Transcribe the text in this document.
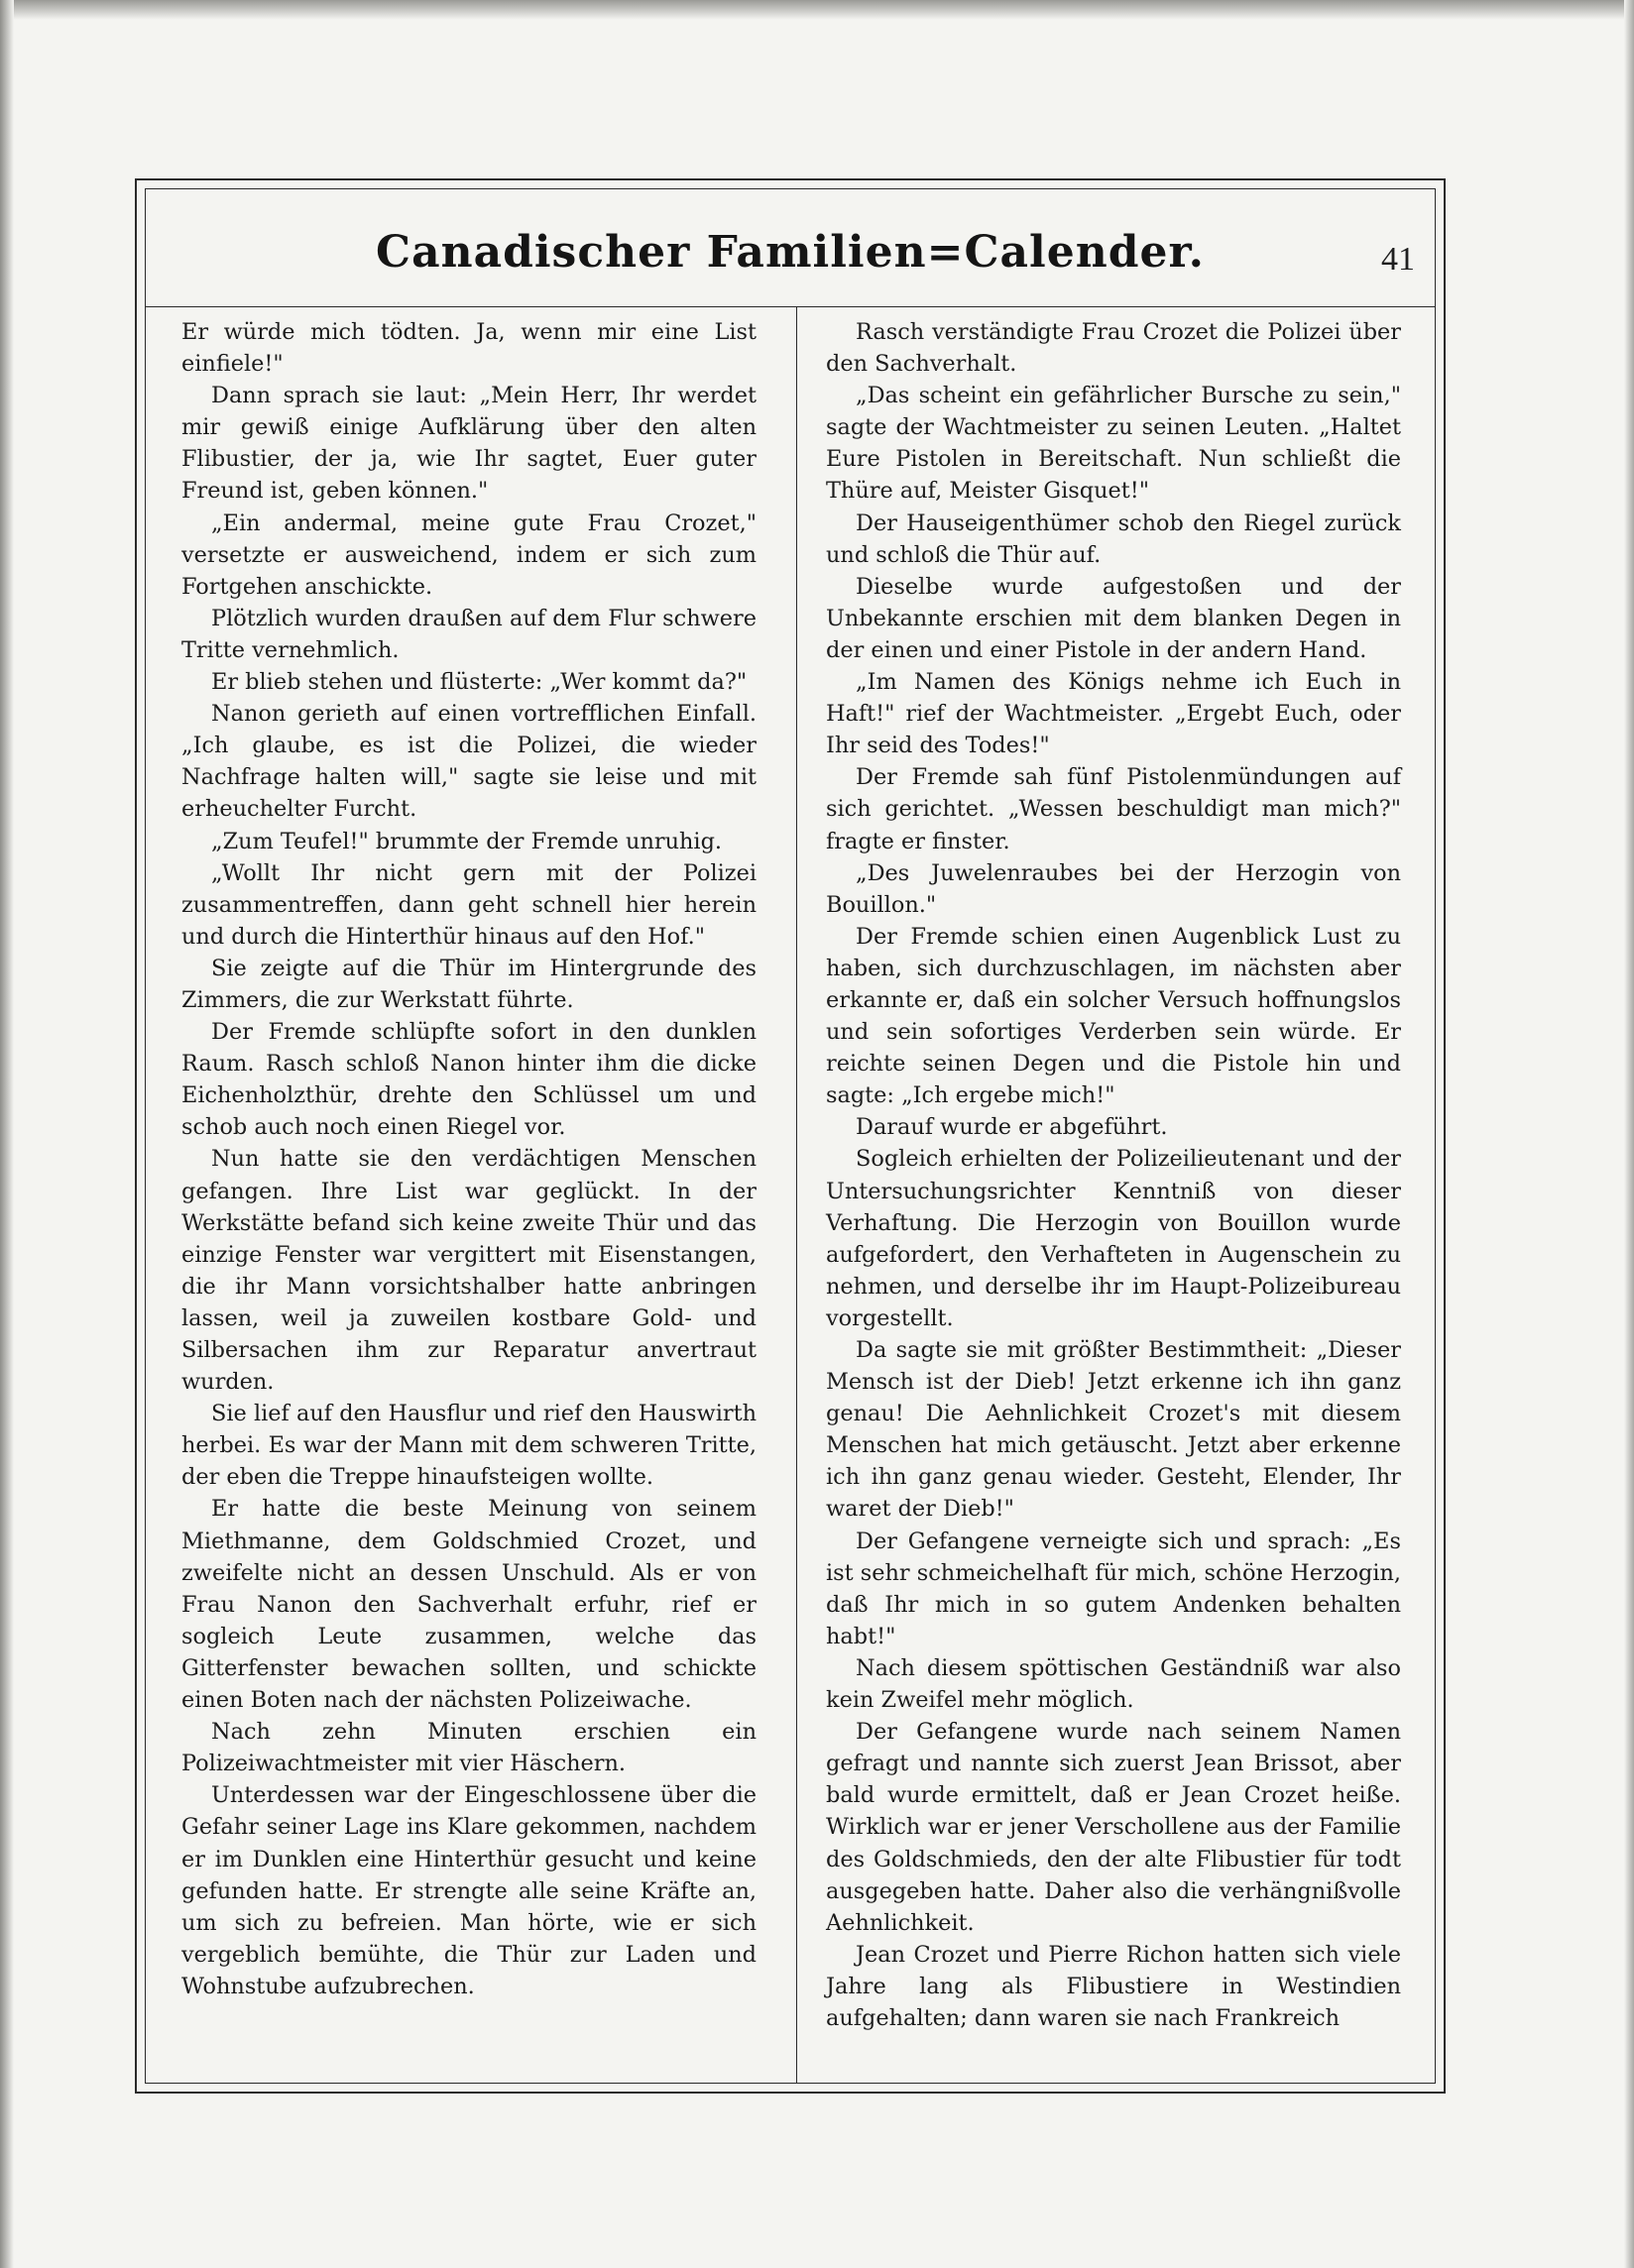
Canadischer Familien=Calender.	41

Er würde mich tödten. Ja, wenn mir eine List einfiele!"

Dann sprach sie laut: „Mein Herr, Ihr werdet mir gewiß einige Aufklärung über den alten Flibustier, der ja, wie Ihr sagtet, Euer guter Freund ist, geben können."

„Ein andermal, meine gute Frau Crozet," versetzte er ausweichend, indem er sich zum Fortgehen anschickte.

Plötzlich wurden draußen auf dem Flur schwere Tritte vernehmlich.

Er blieb stehen und flüsterte: „Wer kommt da?"

Nanon gerieth auf einen vortrefflichen Einfall. „Ich glaube, es ist die Polizei, die wieder Nachfrage halten will," sagte sie leise und mit erheuchelter Furcht.

„Zum Teufel!" brummte der Fremde unruhig.

„Wollt Ihr nicht gern mit der Polizei zusammentreffen, dann geht schnell hier herein und durch die Hinterthür hinaus auf den Hof."

Sie zeigte auf die Thür im Hintergrunde des Zimmers, die zur Werkstatt führte.

Der Fremde schlüpfte sofort in den dunklen Raum. Rasch schloß Nanon hinter ihm die dicke Eichenholzthür, drehte den Schlüssel um und schob auch noch einen Riegel vor.

Nun hatte sie den verdächtigen Menschen gefangen. Ihre List war geglückt. In der Werkstätte befand sich keine zweite Thür und das einzige Fenster war vergittert mit Eisenstangen, die ihr Mann vorsichtshalber hatte anbringen lassen, weil ja zuweilen kostbare Gold- und Silbersachen ihm zur Reparatur anvertraut wurden.

Sie lief auf den Hausflur und rief den Hauswirth herbei. Es war der Mann mit dem schweren Tritte, der eben die Treppe hinaufsteigen wollte.

Er hatte die beste Meinung von seinem Miethmanne, dem Goldschmied Crozet, und zweifelte nicht an dessen Unschuld. Als er von Frau Nanon den Sachverhalt erfuhr, rief er sogleich Leute zusammen, welche das Gitterfenster bewachen sollten, und schickte einen Boten nach der nächsten Polizeiwache.

Nach zehn Minuten erschien ein Polizeiwachtmeister mit vier Häschern.

Unterdessen war der Eingeschlossene über die Gefahr seiner Lage ins Klare gekommen, nachdem er im Dunklen eine Hinterthür gesucht und keine gefunden hatte. Er strengte alle seine Kräfte an, um sich zu befreien. Man hörte, wie er sich vergeblich bemühte, die Thür zur Laden und Wohnstube aufzubrechen.

Rasch verständigte Frau Crozet die Polizei über den Sachverhalt.

„Das scheint ein gefährlicher Bursche zu sein," sagte der Wachtmeister zu seinen Leuten. „Haltet Eure Pistolen in Bereitschaft. Nun schließt die Thüre auf, Meister Gisquet!"

Der Hauseigenthümer schob den Riegel zurück und schloß die Thür auf.

Dieselbe wurde aufgestoßen und der Unbekannte erschien mit dem blanken Degen in der einen und einer Pistole in der andern Hand.

„Im Namen des Königs nehme ich Euch in Haft!" rief der Wachtmeister. „Ergebt Euch, oder Ihr seid des Todes!"

Der Fremde sah fünf Pistolenmündungen auf sich gerichtet. „Wessen beschuldigt man mich?" fragte er finster.

„Des Juwelenraubes bei der Herzogin von Bouillon."

Der Fremde schien einen Augenblick Lust zu haben, sich durchzuschlagen, im nächsten aber erkannte er, daß ein solcher Versuch hoffnungslos und sein sofortiges Verderben sein würde. Er reichte seinen Degen und die Pistole hin und sagte: „Ich ergebe mich!"

Darauf wurde er abgeführt.

Sogleich erhielten der Polizeilieutenant und der Untersuchungsrichter Kenntniß von dieser Verhaftung. Die Herzogin von Bouillon wurde aufgefordert, den Verhafteten in Augenschein zu nehmen, und derselbe ihr im Haupt-Polizeibureau vorgestellt.

Da sagte sie mit größter Bestimmtheit: „Dieser Mensch ist der Dieb! Jetzt erkenne ich ihn ganz genau! Die Aehnlichkeit Crozet's mit diesem Menschen hat mich getäuscht. Jetzt aber erkenne ich ihn ganz genau wieder. Gesteht, Elender, Ihr waret der Dieb!"

Der Gefangene verneigte sich und sprach: „Es ist sehr schmeichelhaft für mich, schöne Herzogin, daß Ihr mich in so gutem Andenken behalten habt!"

Nach diesem spöttischen Geständniß war also kein Zweifel mehr möglich.

Der Gefangene wurde nach seinem Namen gefragt und nannte sich zuerst Jean Brissot, aber bald wurde ermittelt, daß er Jean Crozet heiße. Wirklich war er jener Verschollene aus der Familie des Goldschmieds, den der alte Flibustier für todt ausgegeben hatte. Daher also die verhängnißvolle Aehnlichkeit.

Jean Crozet und Pierre Richon hatten sich viele Jahre lang als Flibustiere in Westindien aufgehalten; dann waren sie nach Frankreich
